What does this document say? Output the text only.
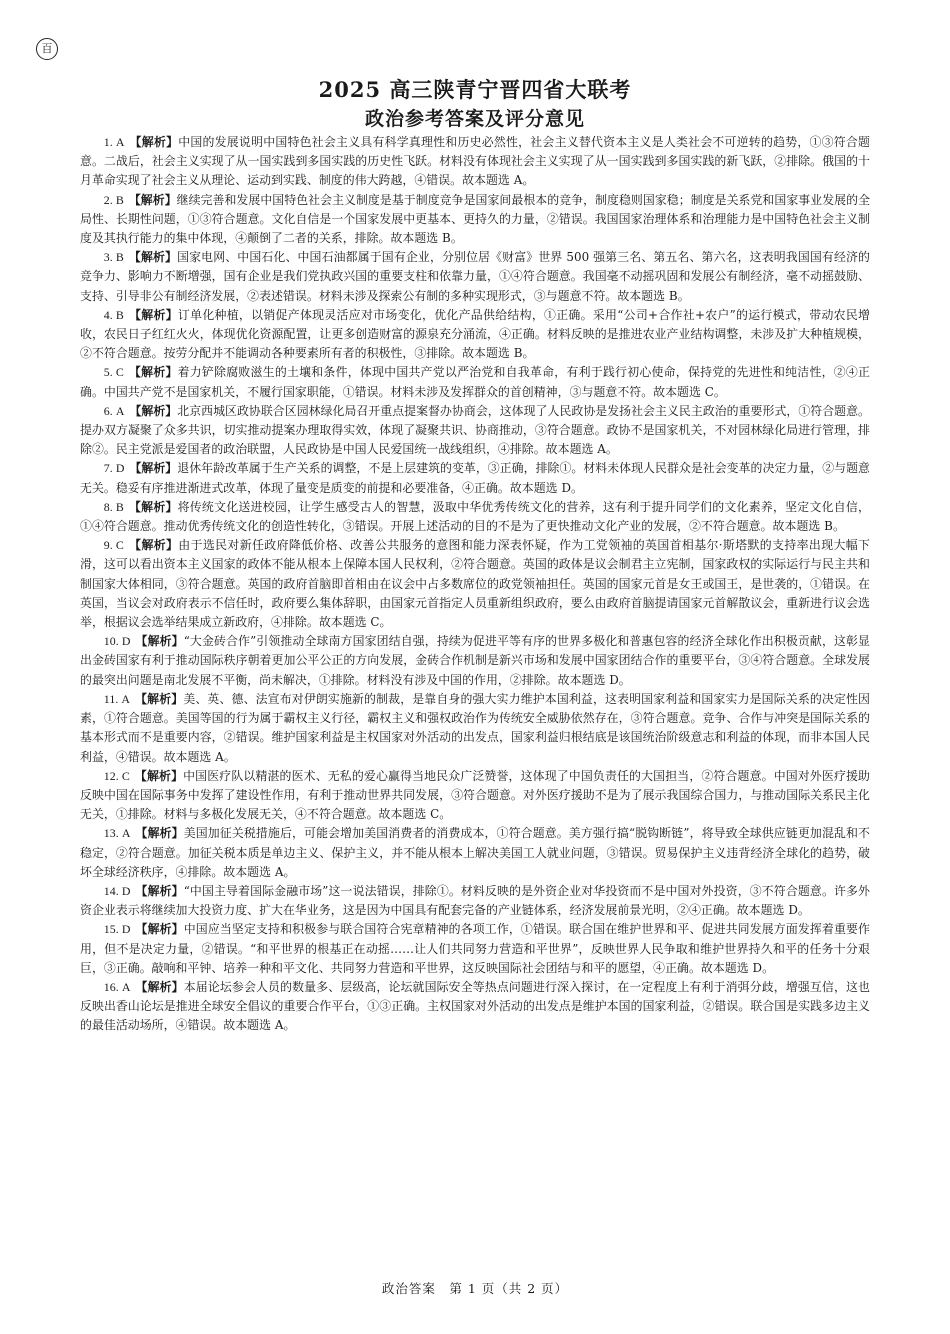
百
2025 高三陕青宁晋四省大联考
政治参考答案及评分意见

1. A 【解析】中国的发展说明中国特色社会主义具有科学真理性和历史必然性，社会主义替代资本主义是人类社会不可逆转的趋势，①③符合题意。二战后，社会主义实现了从一国实践到多国实践的历史性飞跃。材料没有体现社会主义实现了从一国实践到多国实践的新飞跃，②排除。俄国的十月革命实现了社会主义从理论、运动到实践、制度的伟大跨越，④错误。故本题选 A。

2. B 【解析】继续完善和发展中国特色社会主义制度是基于制度竞争是国家间最根本的竞争，制度稳则国家稳；制度是关系党和国家事业发展的全局性、长期性问题，①③符合题意。文化自信是一个国家发展中更基本、更持久的力量，②错误。我国国家治理体系和治理能力是中国特色社会主义制度及其执行能力的集中体现，④颠倒了二者的关系，排除。故本题选 B。

3. B 【解析】国家电网、中国石化、中国石油都属于国有企业，分别位居《财富》世界 500 强第三名、第五名、第六名，这表明我国国有经济的竞争力、影响力不断增强，国有企业是我们党执政兴国的重要支柱和依靠力量，①④符合题意。我国毫不动摇巩固和发展公有制经济，毫不动摇鼓励、支持、引导非公有制经济发展，②表述错误。材料未涉及探索公有制的多种实现形式，③与题意不符。故本题选 B。

4. B 【解析】订单化种植，以销促产体现灵活应对市场变化，优化产品供给结构，①正确。采用“公司+合作社+农户”的运行模式，带动农民增收，农民日子红红火火，体现优化资源配置，让更多创造财富的源泉充分涌流，④正确。材料反映的是推进农业产业结构调整，未涉及扩大种植规模，②不符合题意。按劳分配并不能调动各种要素所有者的积极性，③排除。故本题选 B。

5. C 【解析】着力铲除腐败滋生的土壤和条件，体现中国共产党以严治党和自我革命，有利于践行初心使命，保持党的先进性和纯洁性，②④正确。中国共产党不是国家机关，不履行国家职能，①错误。材料未涉及发挥群众的首创精神，③与题意不符。故本题选 C。

6. A 【解析】北京西城区政协联合区园林绿化局召开重点提案督办协商会，这体现了人民政协是发扬社会主义民主政治的重要形式，①符合题意。提办双方凝聚了众多共识，切实推动提案办理取得实效，体现了凝聚共识、协商推动，③符合题意。政协不是国家机关，不对园林绿化局进行管理，排除②。民主党派是爱国者的政治联盟，人民政协是中国人民爱国统一战线组织，④排除。故本题选 A。

7. D 【解析】退休年龄改革属于生产关系的调整，不是上层建筑的变革，③正确，排除①。材料未体现人民群众是社会变革的决定力量，②与题意无关。稳妥有序推进渐进式改革，体现了量变是质变的前提和必要准备，④正确。故本题选 D。

8. B 【解析】将传统文化送进校园，让学生感受古人的智慧，汲取中华优秀传统文化的营养，这有利于提升同学们的文化素养，坚定文化自信，①④符合题意。推动优秀传统文化的创造性转化，③错误。开展上述活动的目的不是为了更快推动文化产业的发展，②不符合题意。故本题选 B。

9. C 【解析】由于选民对新任政府降低价格、改善公共服务的意图和能力深表怀疑，作为工党领袖的英国首相基尔·斯塔默的支持率出现大幅下滑，这可以看出资本主义国家的政体不能从根本上保障本国人民权利，②符合题意。英国的政体是议会制君主立宪制，国家政权的实际运行与民主共和制国家大体相同，③符合题意。英国的政府首脑即首相由在议会中占多数席位的政党领袖担任。英国的国家元首是女王或国王，是世袭的，①错误。在英国，当议会对政府表示不信任时，政府要么集体辞职，由国家元首指定人员重新组织政府，要么由政府首脑提请国家元首解散议会，重新进行议会选举，根据议会选举结果成立新政府，④排除。故本题选 C。

10. D 【解析】“大金砖合作”引领推动全球南方国家团结自强，持续为促进平等有序的世界多极化和普惠包容的经济全球化作出积极贡献，这彰显出金砖国家有利于推动国际秩序朝着更加公平公正的方向发展，金砖合作机制是新兴市场和发展中国家团结合作的重要平台，③④符合题意。全球发展的最突出问题是南北发展不平衡，尚未解决，①排除。材料没有涉及中国的作用，②排除。故本题选 D。

11. A 【解析】美、英、德、法宣布对伊朗实施新的制裁，是靠自身的强大实力维护本国利益，这表明国家利益和国家实力是国际关系的决定性因素，①符合题意。美国等国的行为属于霸权主义行径，霸权主义和强权政治作为传统安全威胁依然存在，③符合题意。竞争、合作与冲突是国际关系的基本形式而不是重要内容，②错误。维护国家利益是主权国家对外活动的出发点，国家利益归根结底是该国统治阶级意志和利益的体现，而非本国人民利益，④错误。故本题选 A。

12. C 【解析】中国医疗队以精湛的医术、无私的爱心赢得当地民众广泛赞誉，这体现了中国负责任的大国担当，②符合题意。中国对外医疗援助反映中国在国际事务中发挥了建设性作用，有利于推动世界共同发展，③符合题意。对外医疗援助不是为了展示我国综合国力，与推动国际关系民主化无关，①排除。材料与多极化发展无关，④不符合题意。故本题选 C。

13. A 【解析】美国加征关税措施后，可能会增加美国消费者的消费成本，①符合题意。美方强行搞“脱钩断链”，将导致全球供应链更加混乱和不稳定，②符合题意。加征关税本质是单边主义、保护主义，并不能从根本上解决美国工人就业问题，③错误。贸易保护主义违背经济全球化的趋势，破坏全球经济秩序，④排除。故本题选 A。

14. D 【解析】“中国主导着国际金融市场”这一说法错误，排除①。材料反映的是外资企业对华投资而不是中国对外投资，③不符合题意。许多外资企业表示将继续加大投资力度、扩大在华业务，这是因为中国具有配套完备的产业链体系，经济发展前景光明，②④正确。故本题选 D。

15. D 【解析】中国应当坚定支持和积极参与联合国符合宪章精神的各项工作，①错误。联合国在维护世界和平、促进共同发展方面发挥着重要作用，但不是决定力量，②错误。“和平世界的根基正在动摇……让人们共同努力营造和平世界”，反映世界人民争取和维护世界持久和平的任务十分艰巨，③正确。敲响和平钟、培养一种和平文化、共同努力营造和平世界，这反映国际社会团结与和平的愿望，④正确。故本题选 D。

16. A 【解析】本届论坛参会人员的数量多、层级高，论坛就国际安全等热点问题进行深入探讨，在一定程度上有利于消弭分歧，增强互信，这也反映出香山论坛是推进全球安全倡议的重要合作平台，①③正确。主权国家对外活动的出发点是维护本国的国家利益，②错误。联合国是实践多边主义的最佳活动场所，④错误。故本题选 A。

政治答案　第 1 页（共 2 页）
